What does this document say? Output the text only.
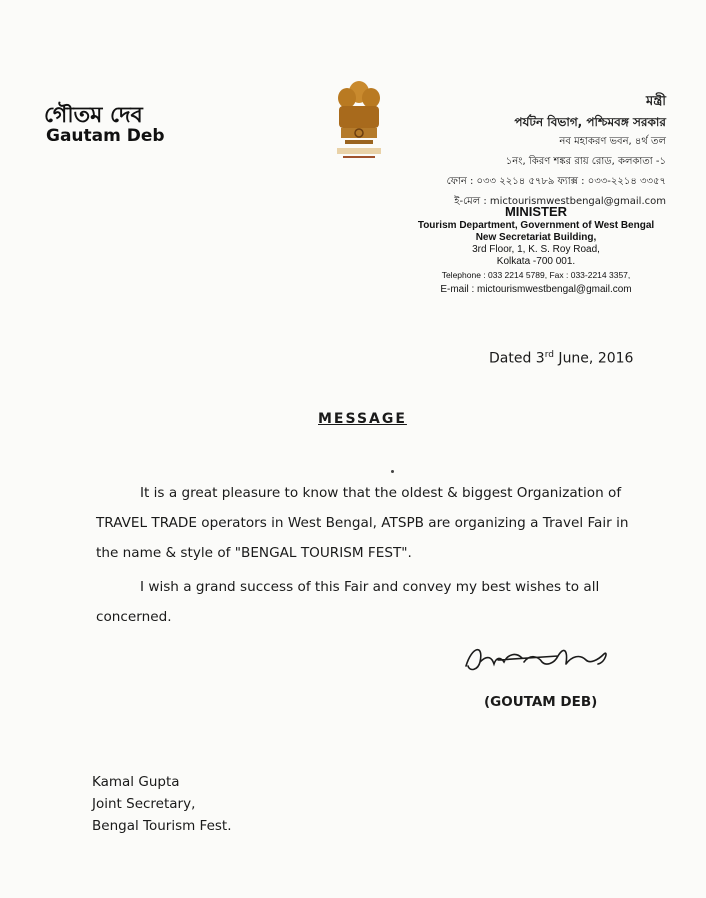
গৌতম দেব
Gautam Deb
মন্ত্রী
পর্যটন বিভাগ, পশ্চিমবঙ্গ সরকার
নব মহাকরণ ভবন, ৪র্থ তল
১নং, কিরণ শঙ্কর রায় রোড, কলকাতা -১
ফোন : ০৩৩ ২২১৪ ৫৭৮৯ ফ্যাক্স : ০৩৩-২২১৪ ৩৩৫৭
ই-মেল : mictourismwestbengal@gmail.com
MINISTER
Tourism Department, Government of West Bengal
New Secretariat Building,
3rd Floor, 1, K. S. Roy Road,
Kolkata -700 001.
Telephone : 033 2214 5789, Fax : 033-2214 3357,
E-mail : mictourismwestbengal@gmail.com
Dated 3rd June, 2016
MESSAGE
It is a great pleasure to know that the oldest & biggest Organization of TRAVEL TRADE operators in West Bengal, ATSPB are organizing a Travel Fair in the name & style of "BENGAL TOURISM FEST".
I wish a grand success of this Fair and convey my best wishes to all concerned.
(GOUTAM DEB)
Kamal Gupta
Joint Secretary,
Bengal Tourism Fest.
